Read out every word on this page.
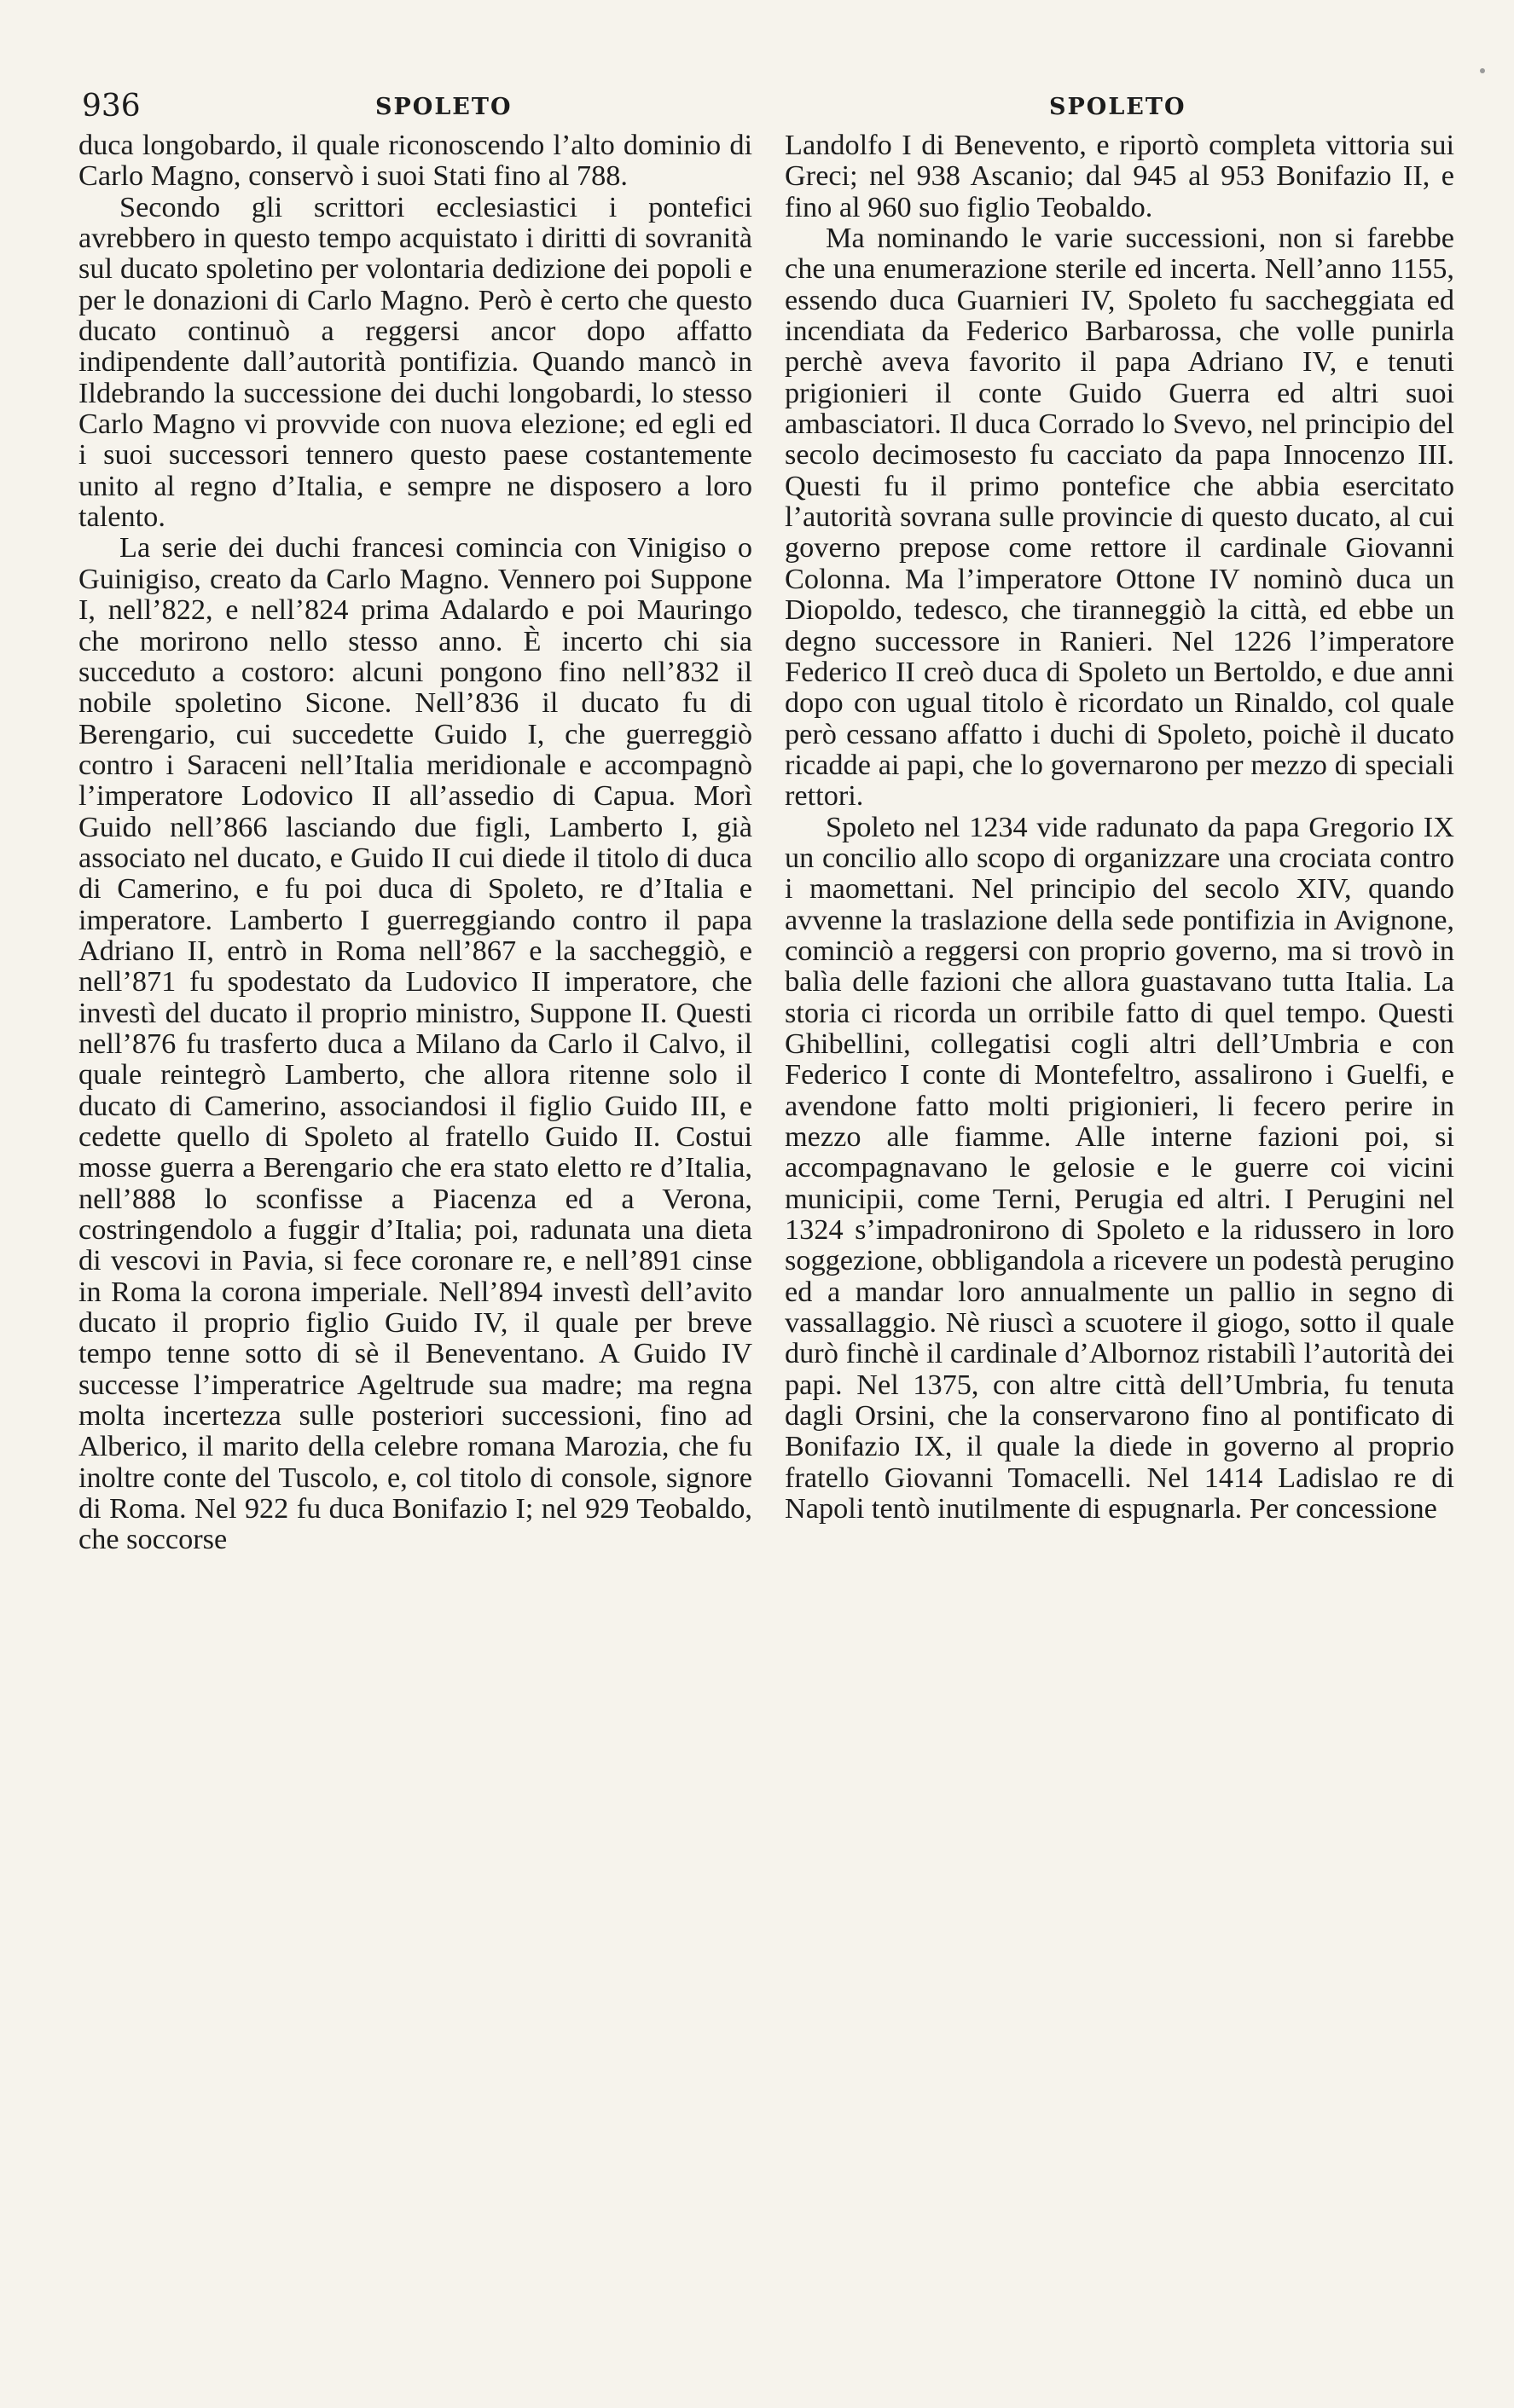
936	SPOLETO	SPOLETO

duca longobardo, il quale riconoscendo l’alto dominio di Carlo Magno, conservò i suoi Stati fino al 788.

Secondo gli scrittori ecclesiastici i pontefici avrebbero in questo tempo acquistato i diritti di sovranità sul ducato spoletino per volontaria dedizione dei popoli e per le donazioni di Carlo Magno. Però è certo che questo ducato continuò a reggersi ancor dopo affatto indipendente dall’autorità pontifizia. Quando mancò in Ildebrando la successione dei duchi longobardi, lo stesso Carlo Magno vi provvide con nuova elezione; ed egli ed i suoi successori tennero questo paese costantemente unito al regno d’Italia, e sempre ne disposero a loro talento.

La serie dei duchi francesi comincia con Vinigiso o Guinigiso, creato da Carlo Magno. Vennero poi Suppone I, nell’822, e nell’824 prima Adalardo e poi Mauringo che morirono nello stesso anno. È incerto chi sia succeduto a costoro: alcuni pongono fino nell’832 il nobile spoletino Sicone. Nell’836 il ducato fu di Berengario, cui succedette Guido I, che guerreggiò contro i Saraceni nell’Italia meridionale e accompagnò l’imperatore Lodovico II all’assedio di Capua. Morì Guido nell’866 lasciando due figli, Lamberto I, già associato nel ducato, e Guido II cui diede il titolo di duca di Camerino, e fu poi duca di Spoleto, re d’Italia e imperatore. Lamberto I guerreggiando contro il papa Adriano II, entrò in Roma nell’867 e la saccheggiò, e nell’871 fu spodestato da Ludovico II imperatore, che investì del ducato il proprio ministro, Suppone II. Questi nell’876 fu trasferto duca a Milano da Carlo il Calvo, il quale reintegrò Lamberto, che allora ritenne solo il ducato di Camerino, associandosi il figlio Guido III, e cedette quello di Spoleto al fratello Guido II. Costui mosse guerra a Berengario che era stato eletto re d’Italia, nell’888 lo sconfisse a Piacenza ed a Verona, costringendolo a fuggir d’Italia; poi, radunata una dieta di vescovi in Pavia, si fece coronare re, e nell’891 cinse in Roma la corona imperiale. Nell’894 investì dell’avito ducato il proprio figlio Guido IV, il quale per breve tempo tenne sotto di sè il Beneventano. A Guido IV successe l’imperatrice Ageltrude sua madre; ma regna molta incertezza sulle posteriori successioni, fino ad Alberico, il marito della celebre romana Marozia, che fu inoltre conte del Tuscolo, e, col titolo di console, signore di Roma. Nel 922 fu duca Bonifazio I; nel 929 Teobaldo, che soccorse

Landolfo I di Benevento, e riportò completa vittoria sui Greci; nel 938 Ascanio; dal 945 al 953 Bonifazio II, e fino al 960 suo figlio Teobaldo.

Ma nominando le varie successioni, non si farebbe che una enumerazione sterile ed incerta. Nell’anno 1155, essendo duca Guarnieri IV, Spoleto fu saccheggiata ed incendiata da Federico Barbarossa, che volle punirla perchè aveva favorito il papa Adriano IV, e tenuti prigionieri il conte Guido Guerra ed altri suoi ambasciatori. Il duca Corrado lo Svevo, nel principio del secolo decimosesto fu cacciato da papa Innocenzo III. Questi fu il primo pontefice che abbia esercitato l’autorità sovrana sulle provincie di questo ducato, al cui governo prepose come rettore il cardinale Giovanni Colonna. Ma l’imperatore Ottone IV nominò duca un Diopoldo, tedesco, che tiranneggiò la città, ed ebbe un degno successore in Ranieri. Nel 1226 l’imperatore Federico II creò duca di Spoleto un Bertoldo, e due anni dopo con ugual titolo è ricordato un Rinaldo, col quale però cessano affatto i duchi di Spoleto, poichè il ducato ricadde ai papi, che lo governarono per mezzo di speciali rettori.

Spoleto nel 1234 vide radunato da papa Gregorio IX un concilio allo scopo di organizzare una crociata contro i maomettani. Nel principio del secolo XIV, quando avvenne la traslazione della sede pontifizia in Avignone, cominciò a reggersi con proprio governo, ma si trovò in balìa delle fazioni che allora guastavano tutta Italia. La storia ci ricorda un orribile fatto di quel tempo. Questi Ghibellini, collegatisi cogli altri dell’Umbria e con Federico I conte di Montefeltro, assalirono i Guelfi, e avendone fatto molti prigionieri, li fecero perire in mezzo alle fiamme. Alle interne fazioni poi, si accompagnavano le gelosie e le guerre coi vicini municipii, come Terni, Perugia ed altri. I Perugini nel 1324 s’impadronirono di Spoleto e la ridussero in loro soggezione, obbligandola a ricevere un podestà perugino ed a mandar loro annualmente un pallio in segno di vassallaggio. Nè riuscì a scuotere il giogo, sotto il quale durò finchè il cardinale d’Albornoz ristabilì l’autorità dei papi. Nel 1375, con altre città dell’Umbria, fu tenuta dagli Orsini, che la conservarono fino al pontificato di Bonifazio IX, il quale la diede in governo al proprio fratello Giovanni Tomacelli. Nel 1414 Ladislao re di Napoli tentò inutilmente di espugnarla. Per concessione
